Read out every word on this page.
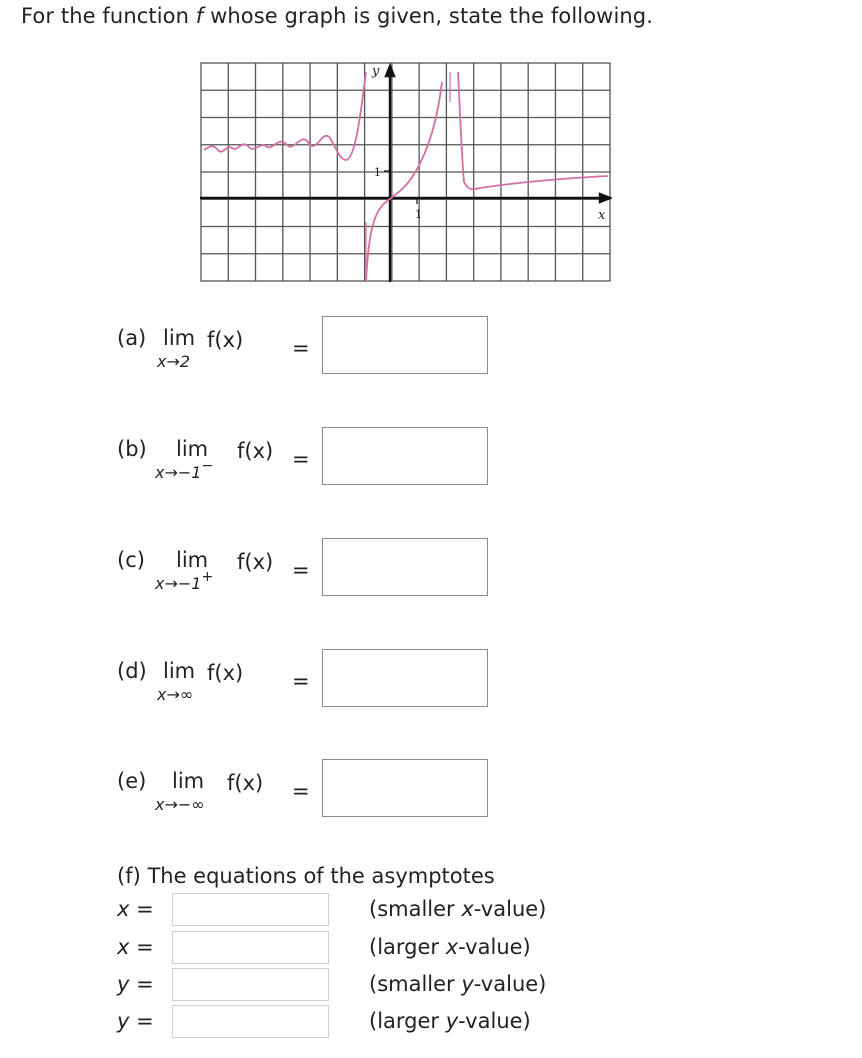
For the function f whose graph is given, state the following.
y
x
1
1
(a) lim
x→2
f(x) =
(b) lim
x→−1−
f(x) =
(c) lim
x→−1+
f(x) =
(d) lim
x→∞
f(x) =
(e) lim
x→−∞
f(x) =
(f) The equations of the asymptotes
x =	(smaller x-value)
x =	(larger x-value)
y =	(smaller y-value)
y =	(larger y-value)
